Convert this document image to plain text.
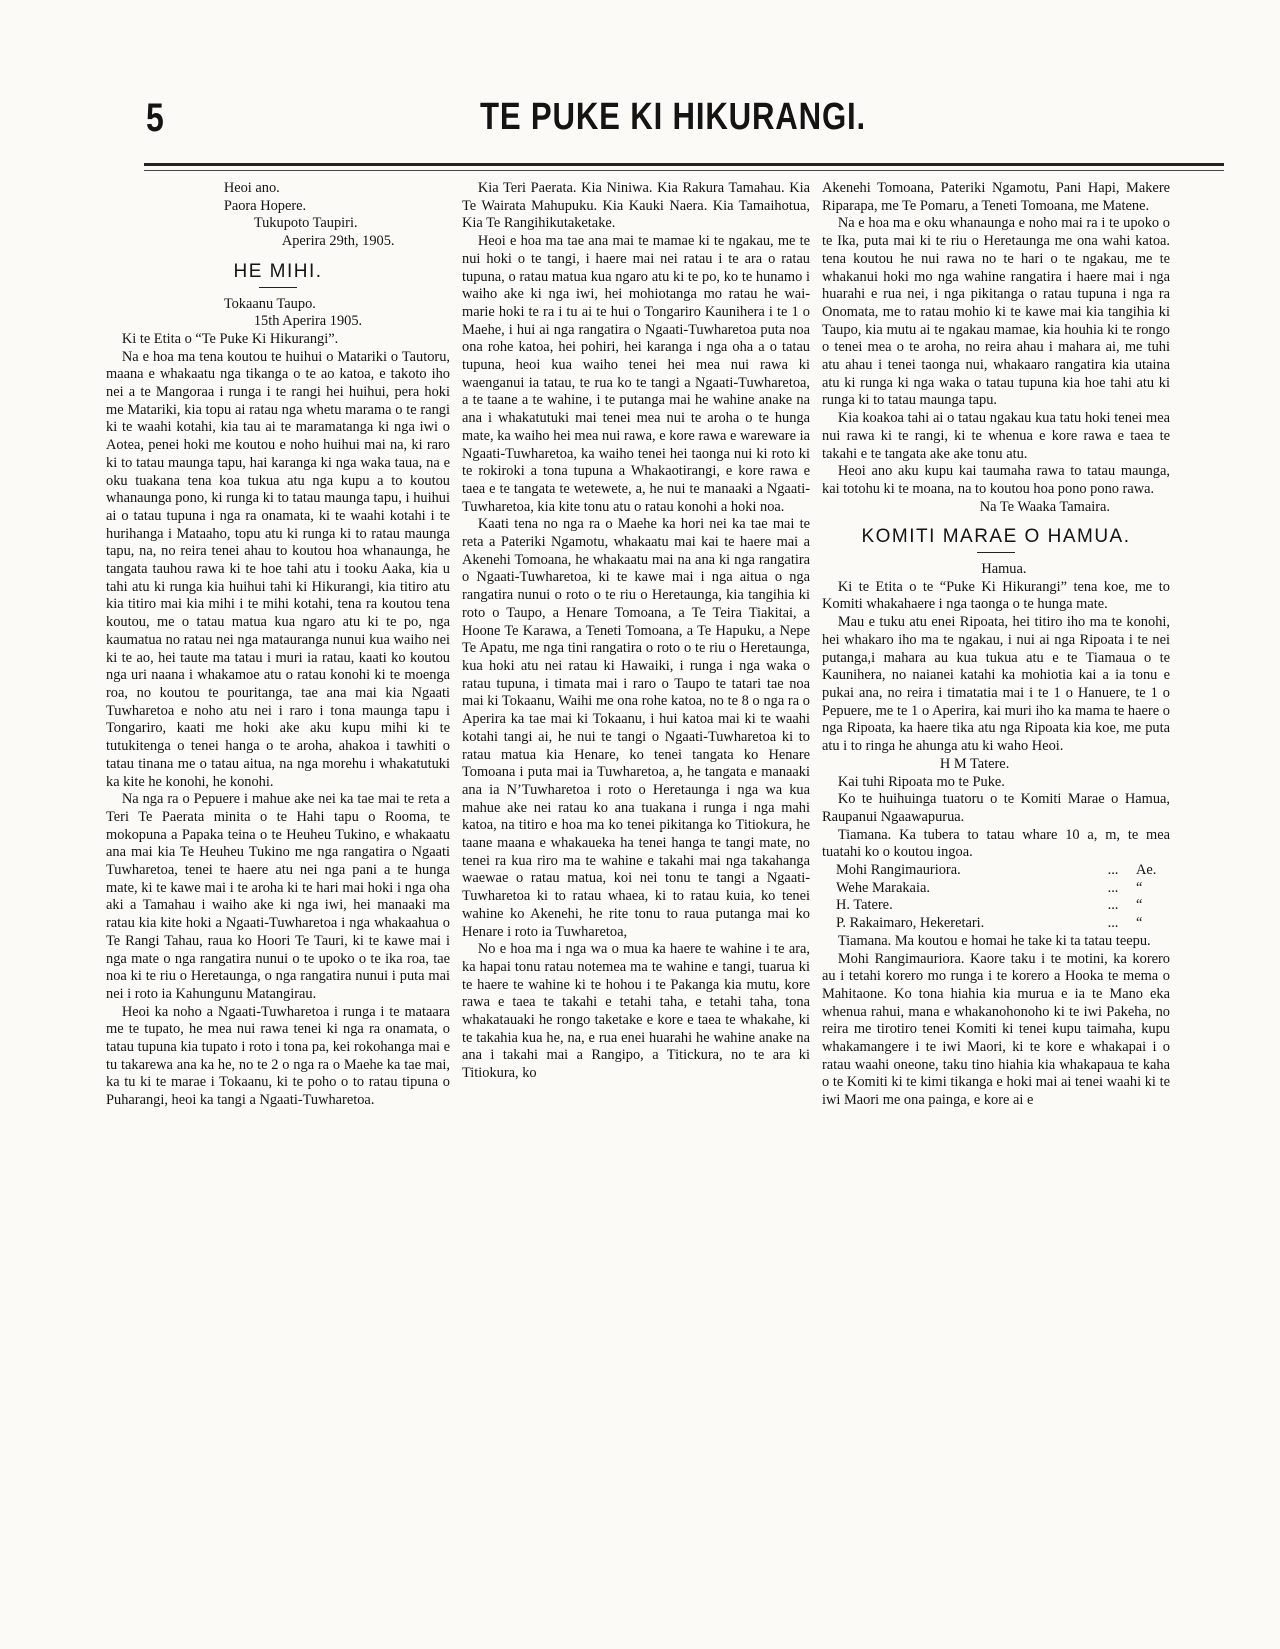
5	TE PUKE KI HIKURANGI.

Heoi ano.

Paora Hopere.

Tukupoto Taupiri.

Aperira 29th, 1905.

HE MIHI.

Tokaanu Taupo.

15th Aperira 1905.

Ki te Etita o “Te Puke Ki Hikurangi”.

Na e hoa ma tena koutou te huihui o Matariki o Tautoru, maana e whakaatu nga tikanga o te ao katoa, e takoto iho nei a te Mangoraa i runga i te rangi hei huihui, pera hoki me Matariki, kia topu ai ratau nga whetu marama o te rangi ki te waahi kotahi, kia tau ai te maramatanga ki nga iwi o Aotea, penei hoki me koutou e noho huihui mai na, ki raro ki to tatau maunga tapu, hai karanga ki nga waka taua, na e oku tuakana tena koa tukua atu nga kupu a to koutou whanaunga pono, ki runga ki to tatau maunga tapu, i huihui ai o tatau tupuna i nga ra onamata, ki te waahi kotahi i te hurihanga i Mataaho, topu atu ki runga ki to ratau maunga tapu, na, no reira tenei ahau to koutou hoa whanaunga, he tangata tauhou rawa ki te hoe tahi atu i tooku Aaka, kia u tahi atu ki runga kia huihui tahi ki Hikurangi, kia titiro atu kia titiro mai kia mihi i te mihi kotahi, tena ra koutou tena koutou, me o tatau matua kua ngaro atu ki te po, nga kaumatua no ratau nei nga matauranga nunui kua waiho nei ki te ao, hei taute ma tatau i muri ia ratau, kaati ko koutou nga uri naana i whakamoe atu o ratau konohi ki te moenga roa, no koutou te pouritanga, tae ana mai kia Ngaati Tuwharetoa e noho atu nei i raro i tona maunga tapu i Tongariro, kaati me hoki ake aku kupu mihi ki te tutukitenga o tenei hanga o te aroha, ahakoa i tawhiti o tatau tinana me o tatau aitua, na nga morehu i whakatutuki ka kite he konohi, he konohi.

Na nga ra o Pepuere i mahue ake nei ka tae mai te reta a Teri Te Paerata minita o te Hahi tapu o Rooma, te mokopuna a Papaka teina o te Heuheu Tukino, e whakaatu ana mai kia Te Heuheu Tukino me nga rangatira o Ngaati Tuwharetoa, tenei te haere atu nei nga pani a te hunga mate, ki te kawe mai i te aroha ki te hari mai hoki i nga oha aki a Tamahau i waiho ake ki nga iwi, hei manaaki ma ratau kia kite hoki a Ngaati-Tuwharetoa i nga whakaahua o Te Rangi Tahau, raua ko Hoori Te Tauri, ki te kawe mai i nga mate o nga rangatira nunui o te upoko o te ika roa, tae noa ki te riu o Heretaunga, o nga rangatira nunui i puta mai nei i roto ia Kahungunu Matangirau.

Heoi ka noho a Ngaati-Tuwharetoa i runga i te mataara me te tupato, he mea nui rawa tenei ki nga ra onamata, o tatau tupuna kia tupato i roto i tona pa, kei rokohanga mai e tu takarewa ana ka he, no te 2 o nga ra o Maehe ka tae mai, ka tu ki te marae i Tokaanu, ki te poho o to ratau tipuna o Puharangi, heoi ka tangi a Ngaati-Tuwharetoa.

Kia Teri Paerata. Kia Niniwa. Kia Rakura Tamahau. Kia Te Wairata Mahupuku. Kia Kauki Naera. Kia Tamaihotua, Kia Te Rangihikutaketake.

Heoi e hoa ma tae ana mai te mamae ki te ngakau, me te nui hoki o te tangi, i haere mai nei ratau i te ara o ratau tupuna, o ratau matua kua ngaro atu ki te po, ko te hunamo i waiho ake ki nga iwi, hei mohiotanga mo ratau he wai-marie hoki te ra i tu ai te hui o Tongariro Kaunihera i te 1 o Maehe, i hui ai nga rangatira o Ngaati-Tuwharetoa puta noa ona rohe katoa, hei pohiri, hei karanga i nga oha a o tatau tupuna, heoi kua waiho tenei hei mea nui rawa ki waenganui ia tatau, te rua ko te tangi a Ngaati-Tuwharetoa, a te taane a te wahine, i te putanga mai he wahine anake na ana i whakatutuki mai tenei mea nui te aroha o te hunga mate, ka waiho hei mea nui rawa, e kore rawa e wareware ia Ngaati-Tuwharetoa, ka waiho tenei hei taonga nui ki roto ki te rokiroki a tona tupuna a Whakaotirangi, e kore rawa e taea e te tangata te wetewete, a, he nui te manaaki a Ngaati-Tuwharetoa, kia kite tonu atu o ratau konohi a hoki noa.

Kaati tena no nga ra o Maehe ka hori nei ka tae mai te reta a Pateriki Ngamotu, whakaatu mai kai te haere mai a Akenehi Tomoana, he whakaatu mai na ana ki nga rangatira o Ngaati-Tuwharetoa, ki te kawe mai i nga aitua o nga rangatira nunui o roto o te riu o Heretaunga, kia tangihia ki roto o Taupo, a Henare Tomoana, a Te Teira Tiakitai, a Hoone Te Karawa, a Teneti Tomoana, a Te Hapuku, a Nepe Te Apatu, me nga tini rangatira o roto o te riu o Heretaunga, kua hoki atu nei ratau ki Hawaiki, i runga i nga waka o ratau tupuna, i timata mai i raro o Taupo te tatari tae noa mai ki Tokaanu, Waihi me ona rohe katoa, no te 8 o nga ra o Aperira ka tae mai ki Tokaanu, i hui katoa mai ki te waahi kotahi tangi ai, he nui te tangi o Ngaati-Tuwharetoa ki to ratau matua kia Henare, ko tenei tangata ko Henare Tomoana i puta mai ia Tuwharetoa, a, he tangata e manaaki ana ia N’Tuwharetoa i roto o Heretaunga i nga wa kua mahue ake nei ratau ko ana tuakana i runga i nga mahi katoa, na titiro e hoa ma ko tenei pikitanga ko Titiokura, he taane maana e whakaueka ha tenei hanga te tangi mate, no tenei ra kua riro ma te wahine e takahi mai nga takahanga waewae o ratau matua, koi nei tonu te tangi a Ngaati-Tuwharetoa ki to ratau whaea, ki to ratau kuia, ko tenei wahine ko Akenehi, he rite tonu to raua putanga mai ko Henare i roto ia Tuwharetoa,

No e hoa ma i nga wa o mua ka haere te wahine i te ara, ka hapai tonu ratau notemea ma te wahine e tangi, tuarua ki te haere te wahine ki te hohou i te Pakanga kia mutu, kore rawa e taea te takahi e tetahi taha, e tetahi taha, tona whakatauaki he rongo taketake e kore e taea te whakahe, ki te takahia kua he, na, e rua enei huarahi he wahine anake na ana i takahi mai a Rangipo, a Titickura, no te ara ki Titiokura, ko

Akenehi Tomoana, Pateriki Ngamotu, Pani Hapi, Makere Riparapa, me Te Pomaru, a Teneti Tomoana, me Matene.

Na e hoa ma e oku whanaunga e noho mai ra i te upoko o te Ika, puta mai ki te riu o Heretaunga me ona wahi katoa. tena koutou he nui rawa no te hari o te ngakau, me te whakanui hoki mo nga wahine rangatira i haere mai i nga huarahi e rua nei, i nga pikitanga o ratau tupuna i nga ra Onomata, me to ratau mohio ki te kawe mai kia tangihia ki Taupo, kia mutu ai te ngakau mamae, kia houhia ki te rongo o tenei mea o te aroha, no reira ahau i mahara ai, me tuhi atu ahau i tenei taonga nui, whakaaro rangatira kia utaina atu ki runga ki nga waka o tatau tupuna kia hoe tahi atu ki runga ki to tatau maunga tapu.

Kia koakoa tahi ai o tatau ngakau kua tatu hoki tenei mea nui rawa ki te rangi, ki te whenua e kore rawa e taea te takahi e te tangata ake ake tonu atu.

Heoi ano aku kupu kai taumaha rawa to tatau maunga, kai totohu ki te moana, na to koutou hoa pono pono rawa.

Na Te Waaka Tamaira.

KOMITI MARAE O HAMUA.

Hamua.

Ki te Etita o te “Puke Ki Hikurangi” tena koe, me to Komiti whakahaere i nga taonga o te hunga mate.

Mau e tuku atu enei Ripoata, hei titiro iho ma te konohi, hei whakaro iho ma te ngakau, i nui ai nga Ripoata i te nei putanga,i mahara au kua tukua atu e te Tiamaua o te Kaunihera, no naianei katahi ka mohiotia kai a ia tonu e pukai ana, no reira i timatatia mai i te 1 o Hanuere, te 1 o Pepuere, me te 1 o Aperira, kai muri iho ka mama te haere o nga Ripoata, ka haere tika atu nga Ripoata kia koe, me puta atu i to ringa he ahunga atu ki waho Heoi.

H M Tatere.

Kai tuhi Ripoata mo te Puke.

Ko te huihuinga tuatoru o te Komiti Marae o Hamua, Raupanui Ngaawapurua.

Tiamana. Ka tubera to tatau whare 10 a, m, te mea tuatahi ko o koutou ingoa.

Mohi Rangimauriora.	...	Ae.
Wehe Marakaia.	...	“
H. Tatere.	...	“
P. Rakaimaro, Hekeretari.	...	“

Tiamana. Ma koutou e homai he take ki ta tatau teepu.

Mohi Rangimauriora. Kaore taku i te motini, ka korero au i tetahi korero mo runga i te korero a Hooka te mema o Mahitaone. Ko tona hiahia kia murua e ia te Mano eka whenua rahui, mana e whakanohonoho ki te iwi Pakeha, no reira me tirotiro tenei Komiti ki tenei kupu taimaha, kupu whakamangere i te iwi Maori, ki te kore e whakapai i o ratau waahi oneone, taku tino hiahia kia whakapaua te kaha o te Komiti ki te kimi tikanga e hoki mai ai tenei waahi ki te iwi Maori me ona painga, e kore ai e
